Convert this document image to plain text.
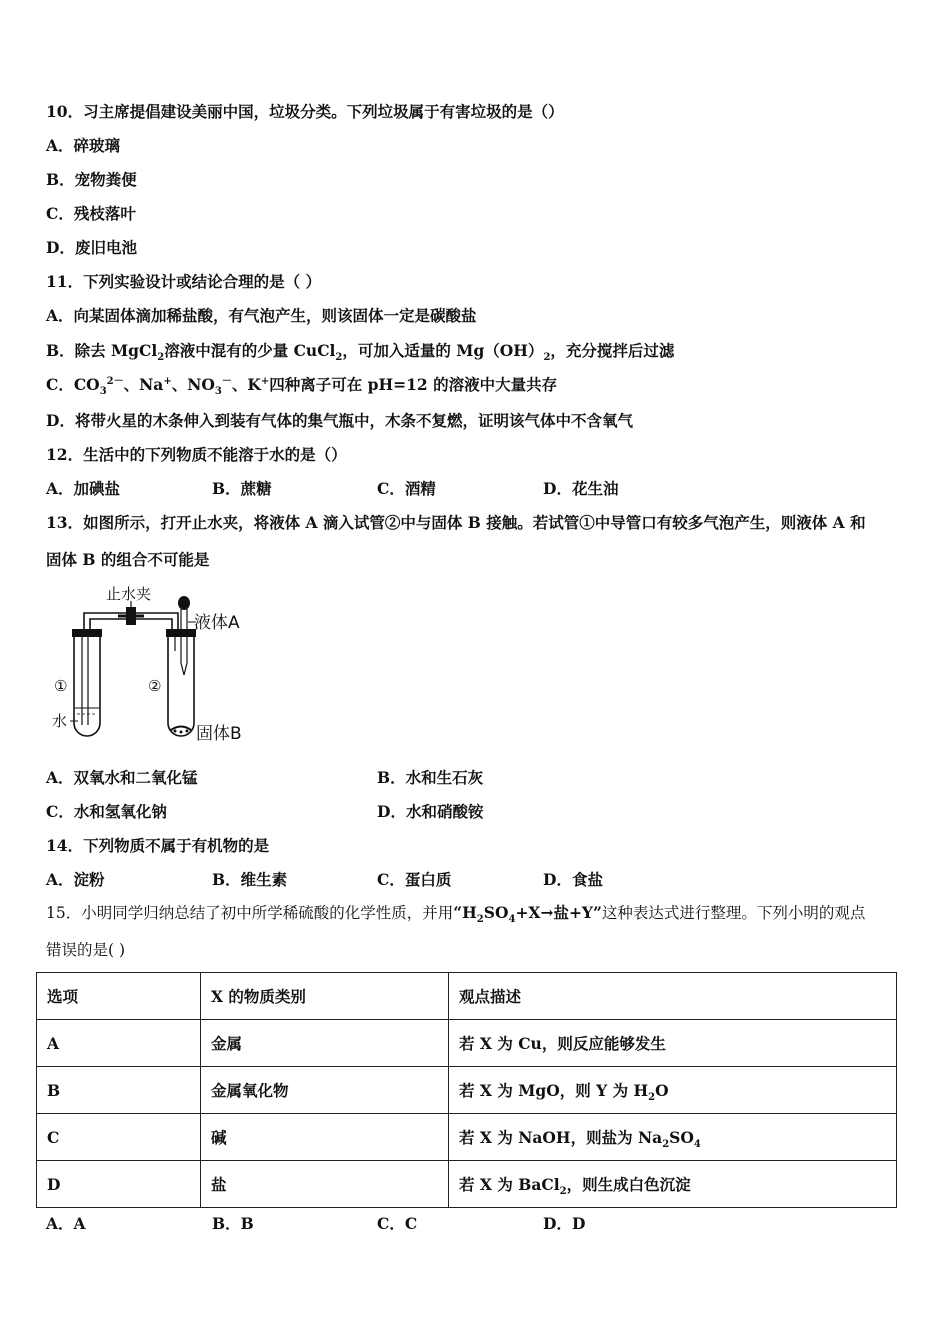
10．习主席提倡建设美丽中国，垃圾分类。下列垃圾属于有害垃圾的是（）
A．碎玻璃
B．宠物粪便
C．残枝落叶
D．废旧电池
11．下列实验设计或结论合理的是（ ）
A．向某固体滴加稀盐酸，有气泡产生，则该固体一定是碳酸盐
B．除去 MgCl$_2$溶液中混有的少量 CuCl$_2$，可加入适量的 $Mg(OH)_2$，充分搅拌后过滤
C．$CO_3^{2-}$、Na+、$NO_3^-$、K+四种离子可在 pH=12 的溶液中大量共存
D．将带火星的木条伸入到装有气体的集气瓶中，木条不复燃，证明该气体中不含氧气
12．生活中的下列物质不能溶于水的是（）
A．加碘盐	B．蔗糖	C．酒精	D．花生油
13．如图所示，打开止水夹，将液体 A 滴入试管②中与固体 B 接触。若试管①中导管口有较多气泡产生，则液体 A 和
固体 B 的组合不可能是
止水夹
①
水
液体A
②
固体B
A．双氧水和二氧化锰	B．水和生石灰
C．水和氢氧化钠	D．水和硝酸铵
14．下列物质不属于有机物的是
A．淀粉	B．维生素	C．蛋白质	D．食盐
15．小明同学归纳总结了初中所学稀硫酸的化学性质，并用“$H_2SO_4+X\to$盐+Y”这种表达式进行整理。下列小明的观点
错误的是( )
选项	X 的物质类别	观点描述
A	金属	若 X 为 Cu，则反应能够发生
B	金属氧化物	若 X 为 MgO，则 Y 为 $H_2O$
C	碱	若 X 为 NaOH，则盐为 $Na_2SO_4$
D	盐	若 X 为 BaCl$_2$，则生成白色沉淀
A．A	B．B	C．C	D．D
